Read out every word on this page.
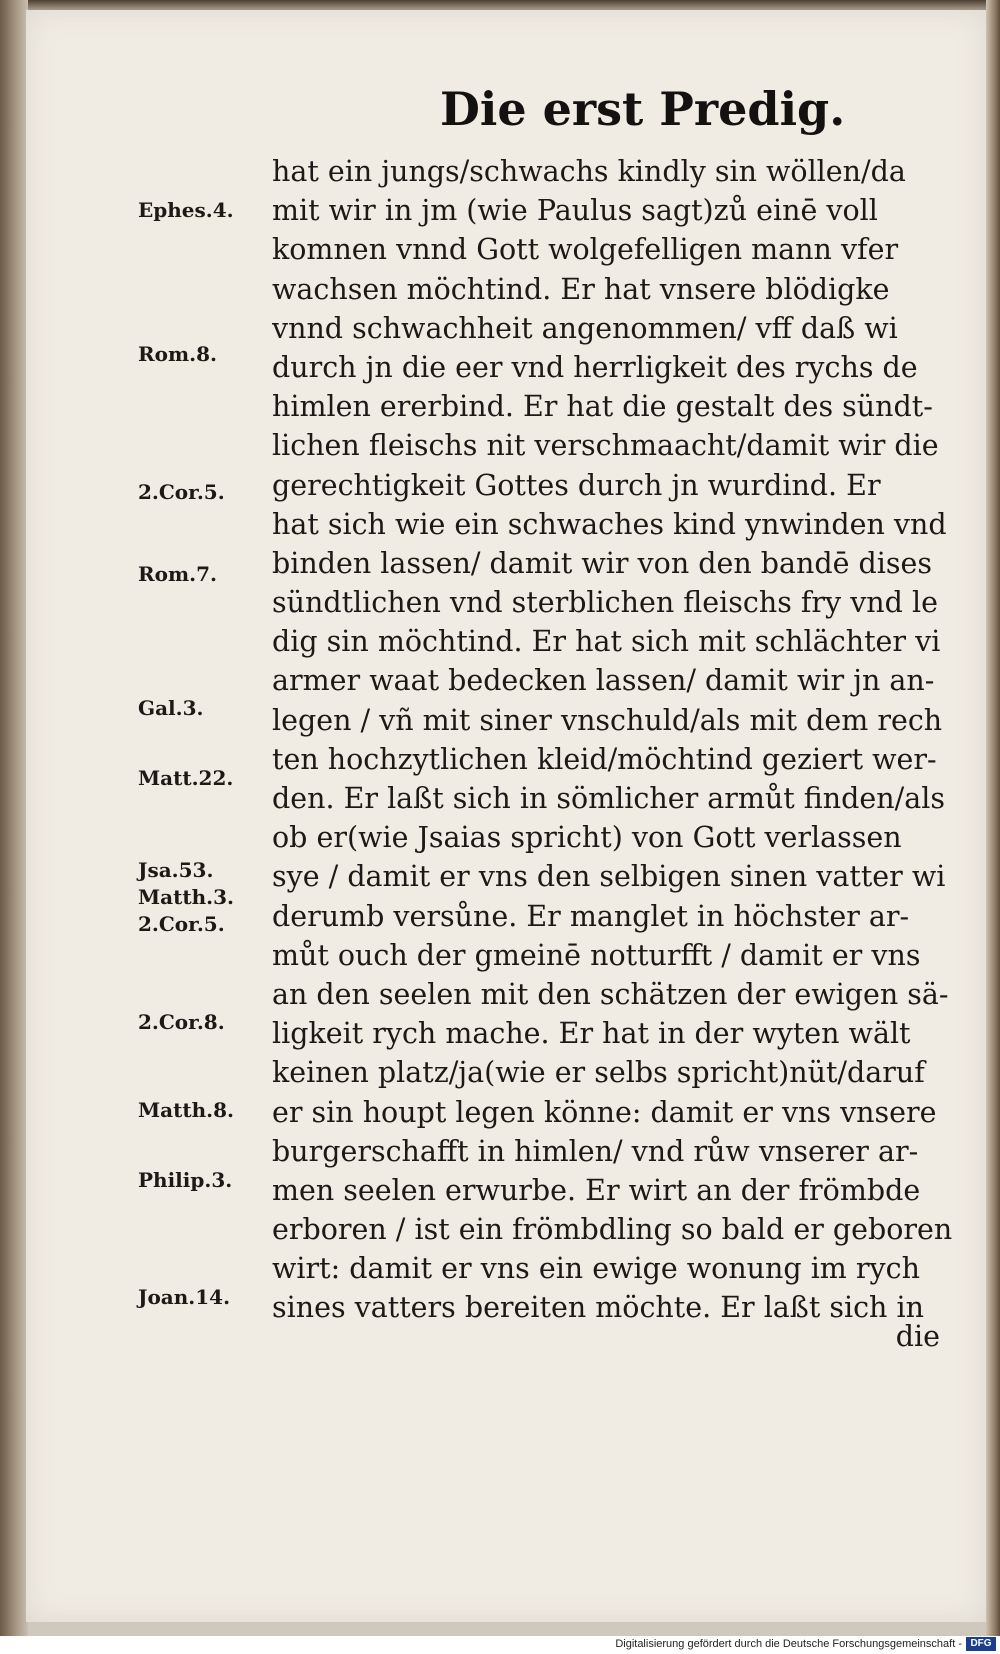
Die erst Predig.
Ephes.4.
Rom.8.
2.Cor.5.
Rom.7.
Gal.3.
Matt.22.
Jsa.53.
Matth.3.
2.Cor.5.
2.Cor.8.
Matth.8.
Philip.3.
Joan.14.
hat ein jungs/schwachs kindly sin wöllen/da
mit wir in jm (wie Paulus sagt)zů einē voll
komnen vnnd Gott wolgefelligen mann vfer
wachsen möchtind. Er hat vnsere blödigke
vnnd schwachheit angenommen/ vff daß wi
durch jn die eer vnd herrligkeit des rychs de
himlen ererbind. Er hat die gestalt des sündt-
lichen fleischs nit verschmaacht/damit wir die
gerechtigkeit Gottes durch jn wurdind. Er
hat sich wie ein schwaches kind ynwinden vnd
binden lassen/ damit wir von den bandē dises
sündtlichen vnd sterblichen fleischs fry vnd le
dig sin möchtind. Er hat sich mit schlächter vi
armer waat bedecken lassen/ damit wir jn an-
legen / vñ mit siner vnschuld/als mit dem rech
ten hochzytlichen kleid/möchtind geziert wer-
den. Er laßt sich in sömlicher armůt finden/als
ob er(wie Jsaias spricht) von Gott verlassen
sye / damit er vns den selbigen sinen vatter wi
derumb versůne. Er manglet in höchster ar-
můt ouch der gmeinē notturfft / damit er vns
an den seelen mit den schätzen der ewigen sä-
ligkeit rych mache. Er hat in der wyten wält
keinen platz/ja(wie er selbs spricht)nüt/daruf
er sin houpt legen könne: damit er vns vnsere
burgerschafft in himlen/ vnd růw vnserer ar-
men seelen erwurbe. Er wirt an der frömbde
erboren / ist ein frömbdling so bald er geboren
wirt: damit er vns ein ewige wonung im rych
sines vatters bereiten möchte. Er laßt sich in
die
Digitalisierung gefördert durch die Deutsche Forschungsgemeinschaft - DFG
